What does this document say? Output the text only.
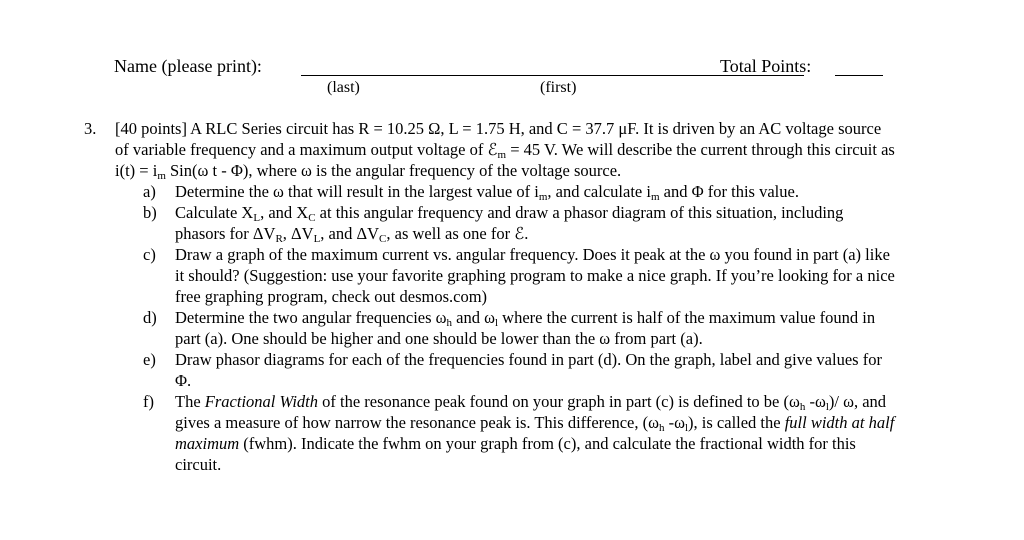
Name (please print):	Total Points:
(last)	(first)
3. [40 points] A RLC Series circuit has R = 10.25 Ω, L = 1.75 H, and C = 37.7 μF. It is driven by an AC voltage source of variable frequency and a maximum output voltage of ℰ$_m$ = 45 V. We will describe the current through this circuit as $i(t) = i_m$ Sin(ω t - Φ), where ω is the angular frequency of the voltage source.

a) Determine the ω that will result in the largest value of $i_m$, and calculate $i_m$ and Φ for this value.
b) Calculate $X_L$, and $X_C$ at this angular frequency and draw a phasor diagram of this situation, including phasors for $\Delta V_R$, $\Delta V_L$, and $\Delta V_C$, as well as one for ℰ.
c) Draw a graph of the maximum current vs. angular frequency. Does it peak at the ω you found in part (a) like it should? (Suggestion: use your favorite graphing program to make a nice graph. If you’re looking for a nice free graphing program, check out desmos.com)
d) Determine the two angular frequencies $\omega_h$ and $\omega_l$ where the current is half of the maximum value found in part (a). One should be higher and one should be lower than the ω from part (a).
e) Draw phasor diagrams for each of the frequencies found in part (d). On the graph, label and give values for Φ.
f) The Fractional Width of the resonance peak found on your graph in part (c) is defined to be ($\omega_h$ $-\omega_l)/$ ω, and gives a measure of how narrow the resonance peak is. This difference, ($\omega_h$ $-\omega_l$), is called the full width at half maximum (fwhm). Indicate the fwhm on your graph from (c), and calculate the fractional width for this circuit.
